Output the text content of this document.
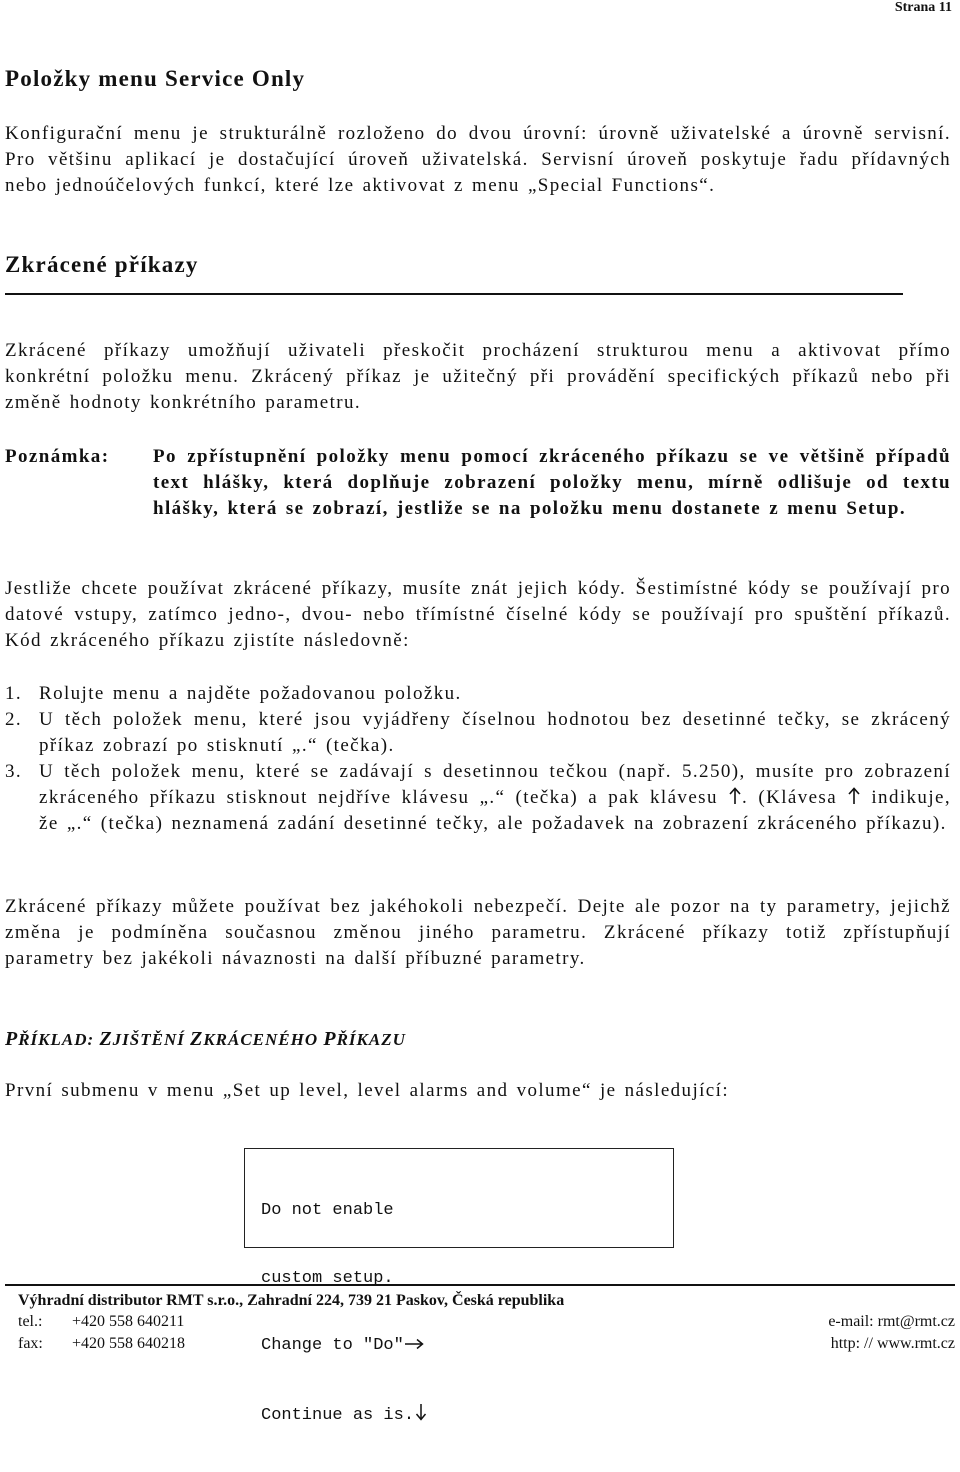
Strana 11
Položky menu Service Only

Konfigurační menu je strukturálně rozloženo do dvou úrovní: úrovně uživatelské a úrovně servisní. Pro většinu aplikací je dostačující úroveň uživatelská. Servisní úroveň poskytuje řadu přídavných nebo jednoúčelových funkcí, které lze aktivovat z menu „Special Functions“.

Zkrácené příkazy

Zkrácené příkazy umožňují uživateli přeskočit procházení strukturou menu a aktivovat přímo konkrétní položku menu. Zkrácený příkaz je užitečný při provádění specifických příkazů nebo při změně hodnoty konkrétního parametru.

Poznámka: Po zpřístupnění položky menu pomocí zkráceného příkazu se ve většině případů text hlášky, která doplňuje zobrazení položky menu, mírně odlišuje od textu hlášky, která se zobrazí, jestliže se na položku menu dostanete z menu Setup.

Jestliže chcete používat zkrácené příkazy, musíte znát jejich kódy. Šestimístné kódy se používají pro datové vstupy, zatímco jedno-, dvou- nebo třímístné číselné kódy se používají pro spuštění příkazů. Kód zkráceného příkazu zjistíte následovně:

1. Rolujte menu a najděte požadovanou položku.
2. U těch položek menu, které jsou vyjádřeny číselnou hodnotou bez desetinné tečky, se zkrácený příkaz zobrazí po stisknutí „.“ (tečka).
3. U těch položek menu, které se zadávají s desetinnou tečkou (např. 5.250), musíte pro zobrazení zkráceného příkazu stisknout nejdříve klávesu „.“ (tečka) a pak klávesu . (Klávesa  indikuje, že „.“ (tečka) neznamená zadání desetinné tečky, ale požadavek na zobrazení zkráceného příkazu).

Zkrácené příkazy můžete používat bez jakéhokoli nebezpečí. Dejte ale pozor na ty parametry, jejichž změna je podmíněna současnou změnou jiného parametru. Zkrácené příkazy totiž zpřístupňují parametry bez jakékoli návaznosti na další příbuzné parametry.

PŘÍKLAD: ZJIŠTĚNÍ ZKRÁCENÉHO PŘÍKAZU

První submenu v menu „Set up level, level alarms and volume“ je následující:

Do not enable

custom setup.

Change to "Do"

Continue as is.

Výhradní distributor RMT s.r.o., Zahradní 224, 739 21 Paskov, Česká republika
tel.: +420 558 640211	e-mail: rmt@rmt.cz
fax: +420 558 640218	http: // www.rmt.cz
